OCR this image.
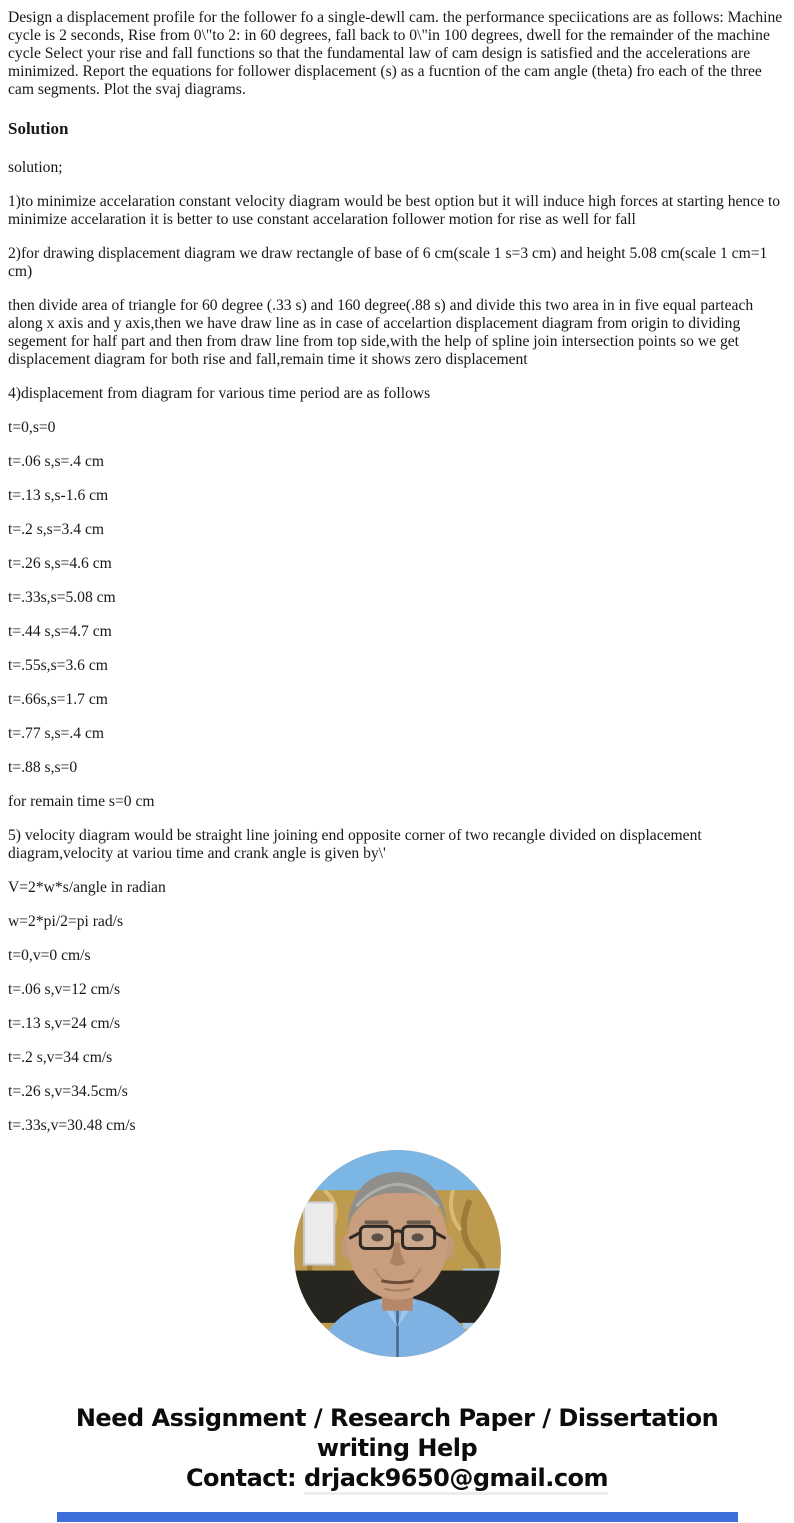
Design a displacement profile for the follower fo a single-dewll cam. the performance speciications are as follows: Machine cycle is 2 seconds, Rise from 0\"to 2: in 60 degrees, fall back to 0\"in 100 degrees, dwell for the remainder of the machine cycle Select your rise and fall functions so that the fundamental law of cam design is satisfied and the accelerations are minimized. Report the equations for follower displacement (s) as a fucntion of the cam angle (theta) fro each of the three cam segments. Plot the svaj diagrams.

Solution

solution;

1)to minimize accelaration constant velocity diagram would be best option but it will induce high forces at starting hence to minimize accelaration it is better to use constant accelaration follower motion for rise as well for fall

2)for drawing displacement diagram we draw rectangle of base of 6 cm(scale 1 s=3 cm) and height 5.08 cm(scale 1 cm=1 cm)

then divide area of triangle for 60 degree (.33 s) and 160 degree(.88 s) and divide this two area in in five equal parteach along x axis and y axis,then we have draw line as in case of accelartion displacement diagram from origin to dividing segement for half part and then from draw line from top side,with the help of spline join intersection points so we get displacement diagram for both rise and fall,remain time it shows zero displacement

4)displacement from diagram for various time period are as follows

t=0,s=0

t=.06 s,s=.4 cm

t=.13 s,s-1.6 cm

t=.2 s,s=3.4 cm

t=.26 s,s=4.6 cm

t=.33s,s=5.08 cm

t=.44 s,s=4.7 cm

t=.55s,s=3.6 cm

t=.66s,s=1.7 cm

t=.77 s,s=.4 cm

t=.88 s,s=0

for remain time s=0 cm

5) velocity diagram would be straight line joining end opposite corner of two recangle divided on displacement diagram,velocity at variou time and crank angle is given by\'

V=2*w*s/angle in radian

w=2*pi/2=pi rad/s

t=0,v=0 cm/s

t=.06 s,v=12 cm/s

t=.13 s,v=24 cm/s

t=.2 s,v=34 cm/s

t=.26 s,v=34.5cm/s

t=.33s,v=30.48 cm/s

Need Assignment / Research Paper / Dissertation
writing Help
Contact: drjack9650@gmail.com
